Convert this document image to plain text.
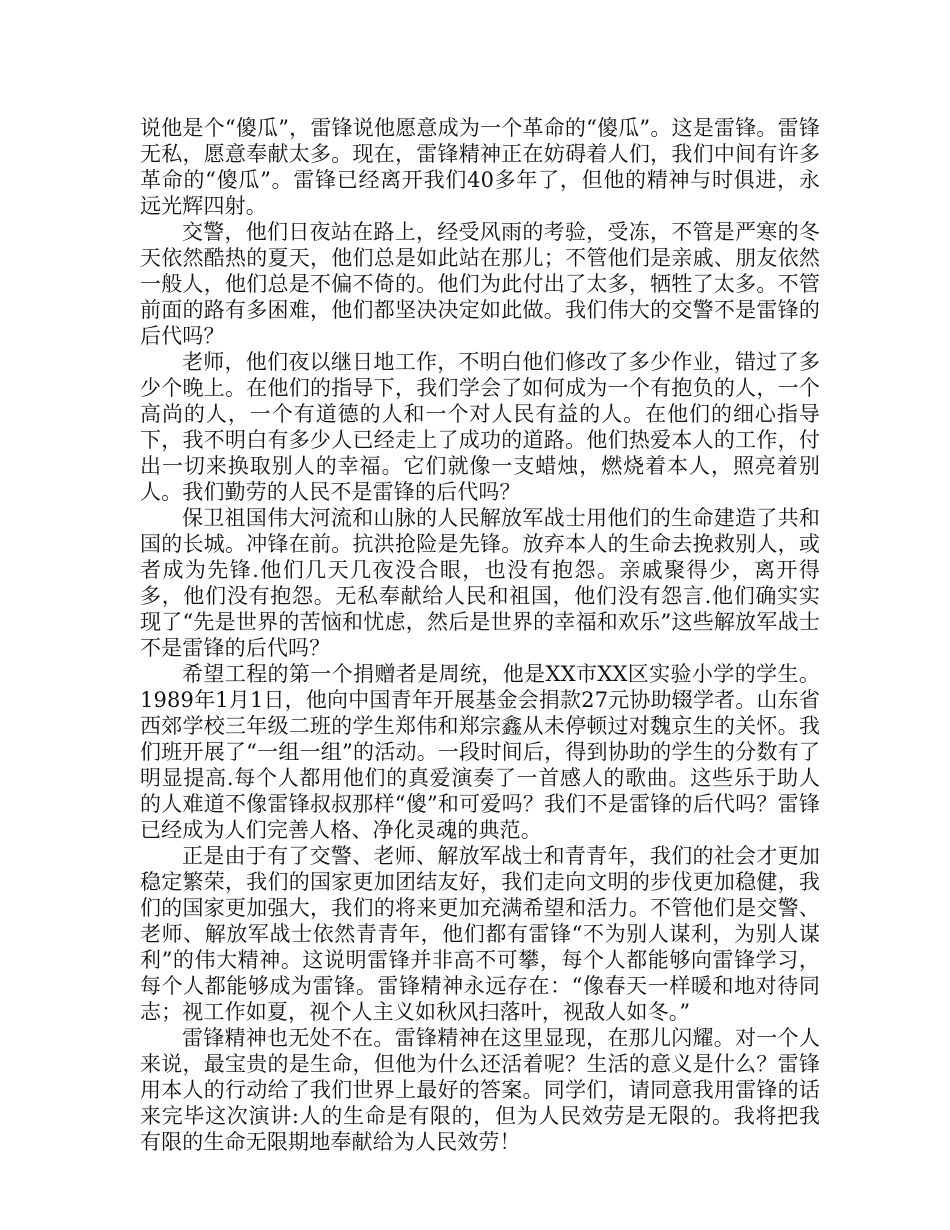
说他是个“傻瓜”，雷锋说他愿意成为一个革命的“傻瓜”。这是雷锋。雷锋无私，愿意奉献太多。现在，雷锋精神正在妨碍着人们，我们中间有许多革命的“傻瓜”。雷锋已经离开我们40多年了，但他的精神与时俱进，永远光辉四射。

交警，他们日夜站在路上，经受风雨的考验，受冻，不管是严寒的冬天依然酷热的夏天，他们总是如此站在那儿；不管他们是亲戚、朋友依然一般人，他们总是不偏不倚的。他们为此付出了太多，牺牲了太多。不管前面的路有多困难，他们都坚决决定如此做。我们伟大的交警不是雷锋的后代吗？

老师，他们夜以继日地工作，不明白他们修改了多少作业，错过了多少个晚上。在他们的指导下，我们学会了如何成为一个有抱负的人，一个高尚的人，一个有道德的人和一个对人民有益的人。在他们的细心指导下，我不明白有多少人已经走上了成功的道路。他们热爱本人的工作，付出一切来换取别人的幸福。它们就像一支蜡烛，燃烧着本人，照亮着别人。我们勤劳的人民不是雷锋的后代吗？

保卫祖国伟大河流和山脉的人民解放军战士用他们的生命建造了共和国的长城。冲锋在前。抗洪抢险是先锋。放弃本人的生命去挽救别人，或者成为先锋.他们几天几夜没合眼，也没有抱怨。亲戚聚得少，离开得多，他们没有抱怨。无私奉献给人民和祖国，他们没有怨言.他们确实实现了“先是世界的苦恼和忧虑，然后是世界的幸福和欢乐”这些解放军战士不是雷锋的后代吗？

希望工程的第一个捐赠者是周统，他是XX市XX区实验小学的学生。1989年1月1日，他向中国青年开展基金会捐款27元协助辍学者。山东省西郊学校三年级二班的学生郑伟和郑宗鑫从未停顿过对魏京生的关怀。我们班开展了“一组一组”的活动。一段时间后，得到协助的学生的分数有了明显提高.每个人都用他们的真爱演奏了一首感人的歌曲。这些乐于助人的人难道不像雷锋叔叔那样“傻”和可爱吗？我们不是雷锋的后代吗？雷锋已经成为人们完善人格、净化灵魂的典范。

正是由于有了交警、老师、解放军战士和青青年，我们的社会才更加稳定繁荣，我们的国家更加团结友好，我们走向文明的步伐更加稳健，我们的国家更加强大，我们的将来更加充满希望和活力。不管他们是交警、老师、解放军战士依然青青年，他们都有雷锋“不为别人谋利，为别人谋利”的伟大精神。这说明雷锋并非高不可攀，每个人都能够向雷锋学习，每个人都能够成为雷锋。雷锋精神永远存在：“像春天一样暖和地对待同志；视工作如夏，视个人主义如秋风扫落叶，视敌人如冬。”

雷锋精神也无处不在。雷锋精神在这里显现，在那儿闪耀。对一个人来说，最宝贵的是生命，但他为什么还活着呢？生活的意义是什么？雷锋用本人的行动给了我们世界上最好的答案。同学们，请同意我用雷锋的话来完毕这次演讲:人的生命是有限的，但为人民效劳是无限的。我将把我有限的生命无限期地奉献给为人民效劳！
